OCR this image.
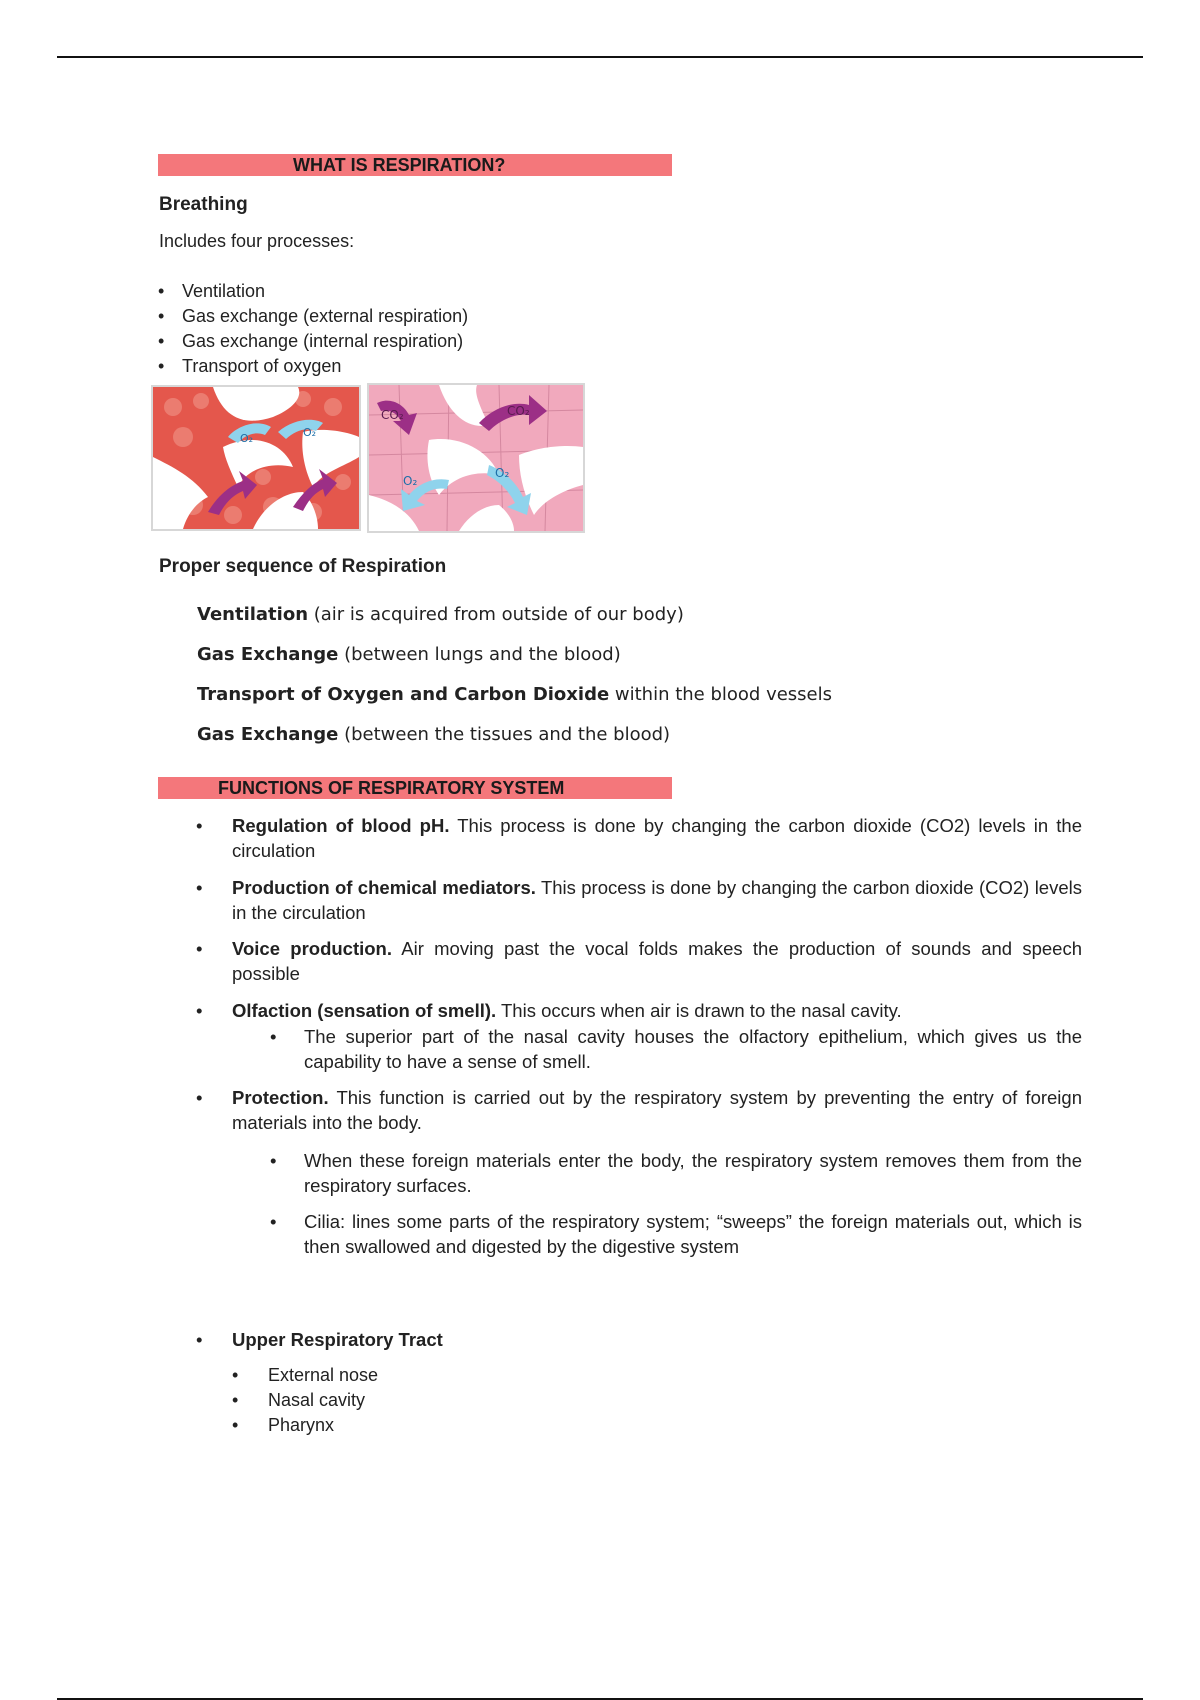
WHAT IS RESPIRATION?
Breathing
Includes four processes:
• Ventilation
• Gas exchange (external respiration)
• Gas exchange (internal respiration)
• Transport of oxygen
O₂	O₂
CO₂	CO₂
O₂
O₂
Proper sequence of Respiration
Ventilation (air is acquired from outside of our body)
Gas Exchange (between lungs and the blood)
Transport of Oxygen and Carbon Dioxide within the blood vessels
Gas Exchange (between the tissues and the blood)
FUNCTIONS OF RESPIRATORY SYSTEM
• Regulation of blood pH. This process is done by changing the carbon dioxide (CO2) levels in the circulation
• Production of chemical mediators. This process is done by changing the carbon dioxide (CO2) levels in the circulation
• Voice production. Air moving past the vocal folds makes the production of sounds and speech possible
• Olfaction (sensation of smell). This occurs when air is drawn to the nasal cavity.
• The superior part of the nasal cavity houses the olfactory epithelium, which gives us the capability to have a sense of smell.
• Protection. This function is carried out by the respiratory system by preventing the entry of foreign materials into the body.
• When these foreign materials enter the body, the respiratory system removes them from the respiratory surfaces.
• Cilia: lines some parts of the respiratory system; “sweeps” the foreign materials out, which is then swallowed and digested by the digestive system
• Upper Respiratory Tract
• External nose
• Nasal cavity
• Pharynx
